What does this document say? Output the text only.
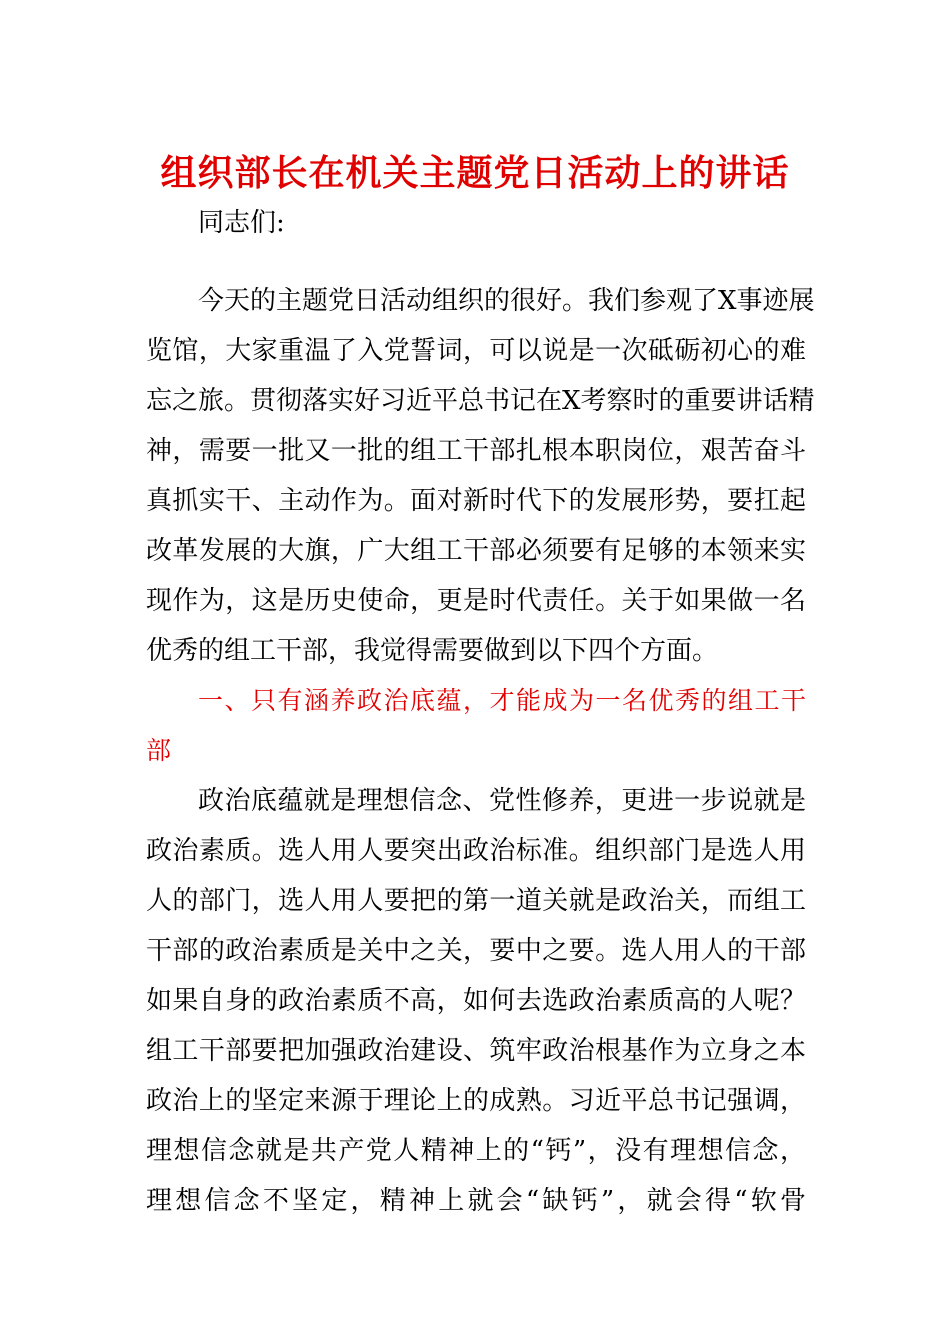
组织部长在机关主题党日活动上的讲话

同志们:

今天的主题党日活动组织的很好。我们参观了X事迹展

览馆，大家重温了入党誓词，可以说是一次砥砺初心的难

忘之旅。贯彻落实好习近平总书记在X考察时的重要讲话精

神，需要一批又一批的组工干部扎根本职岗位，艰苦奋斗

真抓实干、主动作为。面对新时代下的发展形势，要扛起

改革发展的大旗，广大组工干部必须要有足够的本领来实

现作为，这是历史使命，更是时代责任。关于如果做一名

优秀的组工干部，我觉得需要做到以下四个方面。

一、只有涵养政治底蕴，才能成为一名优秀的组工干

部

政治底蕴就是理想信念、党性修养，更进一步说就是

政治素质。选人用人要突出政治标准。组织部门是选人用

人的部门，选人用人要把的第一道关就是政治关，而组工

干部的政治素质是关中之关，要中之要。选人用人的干部

如果自身的政治素质不高，如何去选政治素质高的人呢？

组工干部要把加强政治建设、筑牢政治根基作为立身之本

政治上的坚定来源于理论上的成熟。习近平总书记强调，

理想信念就是共产党人精神上的“钙”，没有理想信念，

理想信念不坚定，精神上就会“缺钙”，就会得“软骨
